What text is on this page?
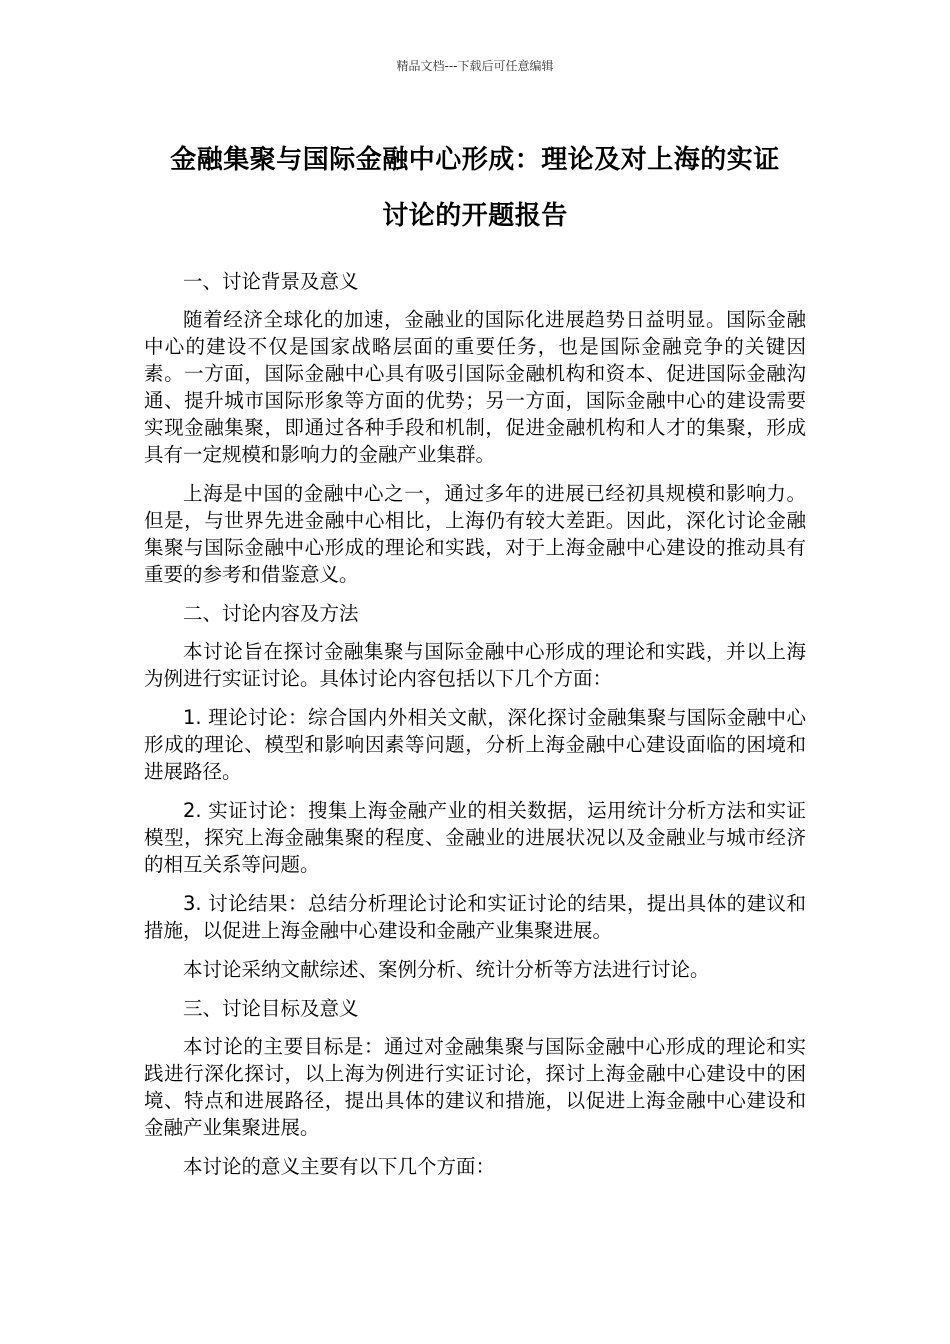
精品文档---下载后可任意编辑
金融集聚与国际金融中心形成：理论及对上海的实证
讨论的开题报告

一、讨论背景及意义

随着经济全球化的加速，金融业的国际化进展趋势日益明显。国际金融中心的建设不仅是国家战略层面的重要任务，也是国际金融竞争的关键因素。一方面，国际金融中心具有吸引国际金融机构和资本、促进国际金融沟通、提升城市国际形象等方面的优势；另一方面，国际金融中心的建设需要实现金融集聚，即通过各种手段和机制，促进金融机构和人才的集聚，形成具有一定规模和影响力的金融产业集群。

上海是中国的金融中心之一，通过多年的进展已经初具规模和影响力。但是，与世界先进金融中心相比，上海仍有较大差距。因此，深化讨论金融集聚与国际金融中心形成的理论和实践，对于上海金融中心建设的推动具有重要的参考和借鉴意义。

二、讨论内容及方法

本讨论旨在探讨金融集聚与国际金融中心形成的理论和实践，并以上海为例进行实证讨论。具体讨论内容包括以下几个方面：

1. 理论讨论：综合国内外相关文献，深化探讨金融集聚与国际金融中心形成的理论、模型和影响因素等问题，分析上海金融中心建设面临的困境和进展路径。

2. 实证讨论：搜集上海金融产业的相关数据，运用统计分析方法和实证模型，探究上海金融集聚的程度、金融业的进展状况以及金融业与城市经济的相互关系等问题。

3. 讨论结果：总结分析理论讨论和实证讨论的结果，提出具体的建议和措施，以促进上海金融中心建设和金融产业集聚进展。

本讨论采纳文献综述、案例分析、统计分析等方法进行讨论。

三、讨论目标及意义

本讨论的主要目标是：通过对金融集聚与国际金融中心形成的理论和实践进行深化探讨，以上海为例进行实证讨论，探讨上海金融中心建设中的困境、特点和进展路径，提出具体的建议和措施，以促进上海金融中心建设和金融产业集聚进展。

本讨论的意义主要有以下几个方面：
